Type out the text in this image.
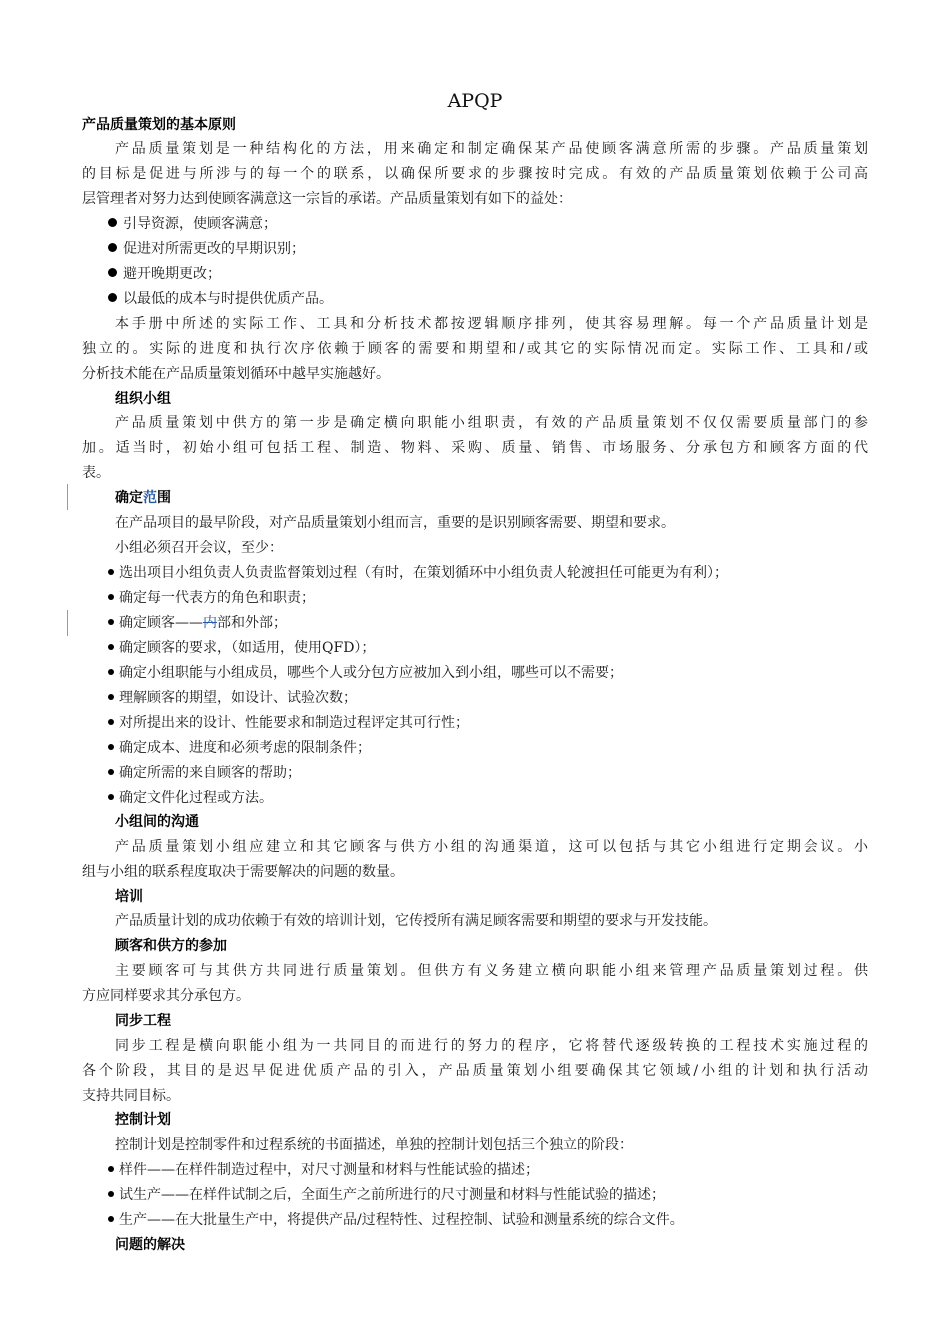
APQP
产品质量策划的基本原则
产品质量策划是一种结构化的方法，用来确定和制定确保某产品使顾客满意所需的步骤。产品质量策划
的目标是促进与所涉与的每一个的联系，以确保所要求的步骤按时完成。有效的产品质量策划依赖于公司高
层管理者对努力达到使顾客满意这一宗旨的承诺。产品质量策划有如下的益处：
引导资源，使顾客满意；
促进对所需更改的早期识别；
避开晚期更改；
以最低的成本与时提供优质产品。
本手册中所述的实际工作、工具和分析技术都按逻辑顺序排列，使其容易理解。每一个产品质量计划是
独立的。实际的进度和执行次序依赖于顾客的需要和期望和/或其它的实际情况而定。实际工作、工具和/或
分析技术能在产品质量策划循环中越早实施越好。
组织小组
产品质量策划中供方的第一步是确定横向职能小组职责，有效的产品质量策划不仅仅需要质量部门的参
加。适当时，初始小组可包括工程、制造、物料、采购、质量、销售、市场服务、分承包方和顾客方面的代
表。
确定范围
在产品项目的最早阶段，对产品质量策划小组而言，重要的是识别顾客需要、期望和要求。
小组必须召开会议，至少：
选出项目小组负责人负责监督策划过程（有时，在策划循环中小组负责人轮渡担任可能更为有利）；
确定每一代表方的角色和职责；
确定顾客——内部和外部；
确定顾客的要求，（如适用，使用QFD）；
确定小组职能与小组成员，哪些个人或分包方应被加入到小组，哪些可以不需要；
理解顾客的期望，如设计、试验次数；
对所提出来的设计、性能要求和制造过程评定其可行性；
确定成本、进度和必须考虑的限制条件；
确定所需的来自顾客的帮助；
确定文件化过程或方法。
小组间的沟通
产品质量策划小组应建立和其它顾客与供方小组的沟通渠道，这可以包括与其它小组进行定期会议。小
组与小组的联系程度取决于需要解决的问题的数量。
培训
产品质量计划的成功依赖于有效的培训计划，它传授所有满足顾客需要和期望的要求与开发技能。
顾客和供方的参加
主要顾客可与其供方共同进行质量策划。但供方有义务建立横向职能小组来管理产品质量策划过程。供
方应同样要求其分承包方。
同步工程
同步工程是横向职能小组为一共同目的而进行的努力的程序，它将替代逐级转换的工程技术实施过程的
各个阶段，其目的是迟早促进优质产品的引入，产品质量策划小组要确保其它领域/小组的计划和执行活动
支持共同目标。
控制计划
控制计划是控制零件和过程系统的书面描述，单独的控制计划包括三个独立的阶段：
样件——在样件制造过程中，对尺寸测量和材料与性能试验的描述；
试生产——在样件试制之后，全面生产之前所进行的尺寸测量和材料与性能试验的描述；
生产——在大批量生产中，将提供产品/过程特性、过程控制、试验和测量系统的综合文件。
问题的解决
